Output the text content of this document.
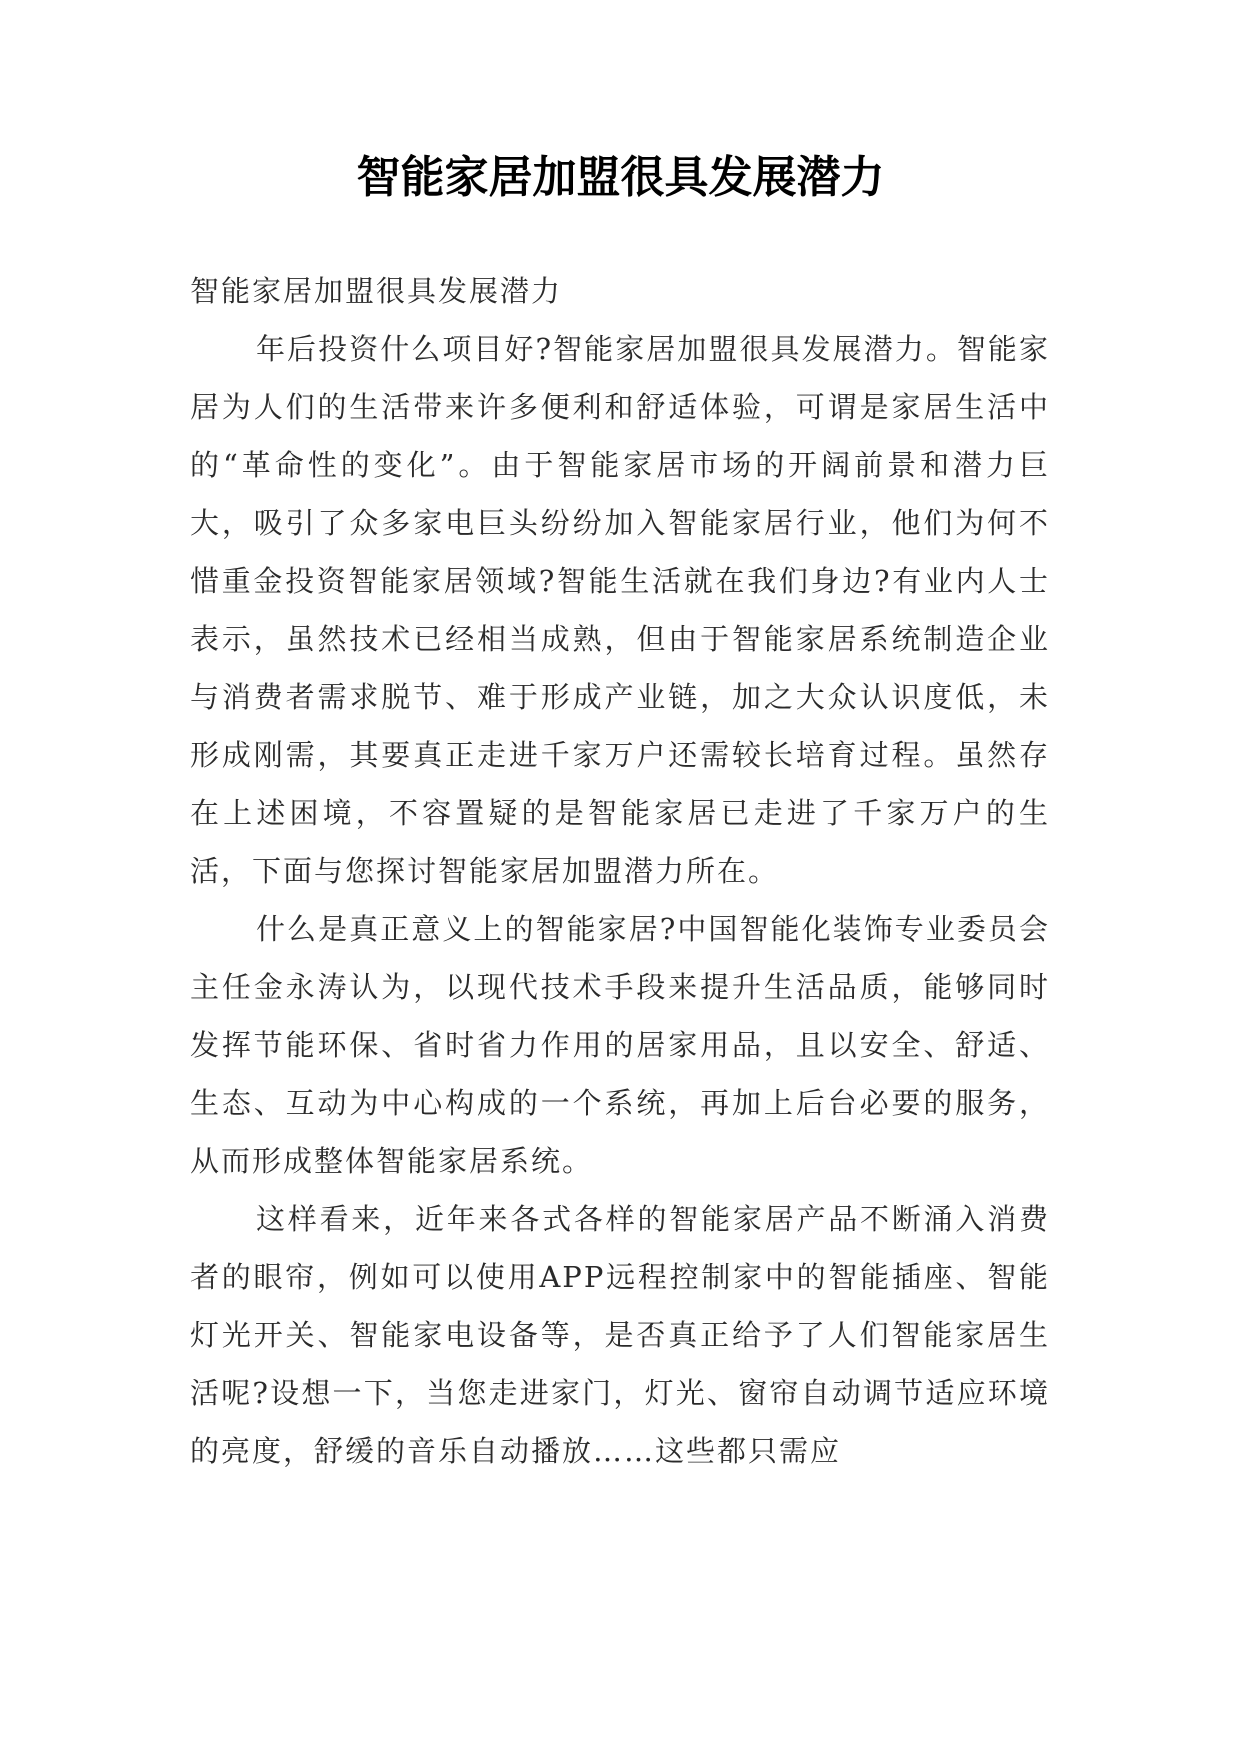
智能家居加盟很具发展潜力

智能家居加盟很具发展潜力

年后投资什么项目好?智能家居加盟很具发展潜力。智能家居为人们的生活带来许多便利和舒适体验，可谓是家居生活中的“革命性的变化”。由于智能家居市场的开阔前景和潜力巨大，吸引了众多家电巨头纷纷加入智能家居行业，他们为何不惜重金投资智能家居领域?智能生活就在我们身边?有业内人士表示，虽然技术已经相当成熟，但由于智能家居系统制造企业与消费者需求脱节、难于形成产业链，加之大众认识度低，未形成刚需，其要真正走进千家万户还需较长培育过程。虽然存在上述困境，不容置疑的是智能家居已走进了千家万户的生活，下面与您探讨智能家居加盟潜力所在。

什么是真正意义上的智能家居?中国智能化装饰专业委员会主任金永涛认为，以现代技术手段来提升生活品质，能够同时发挥节能环保、省时省力作用的居家用品，且以安全、舒适、生态、互动为中心构成的一个系统，再加上后台必要的服务，从而形成整体智能家居系统。

这样看来，近年来各式各样的智能家居产品不断涌入消费者的眼帘，例如可以使用APP远程控制家中的智能插座、智能灯光开关、智能家电设备等，是否真正给予了人们智能家居生活呢?设想一下，当您走进家门，灯光、窗帘自动调节适应环境的亮度，舒缓的音乐自动播放……这些都只需应
